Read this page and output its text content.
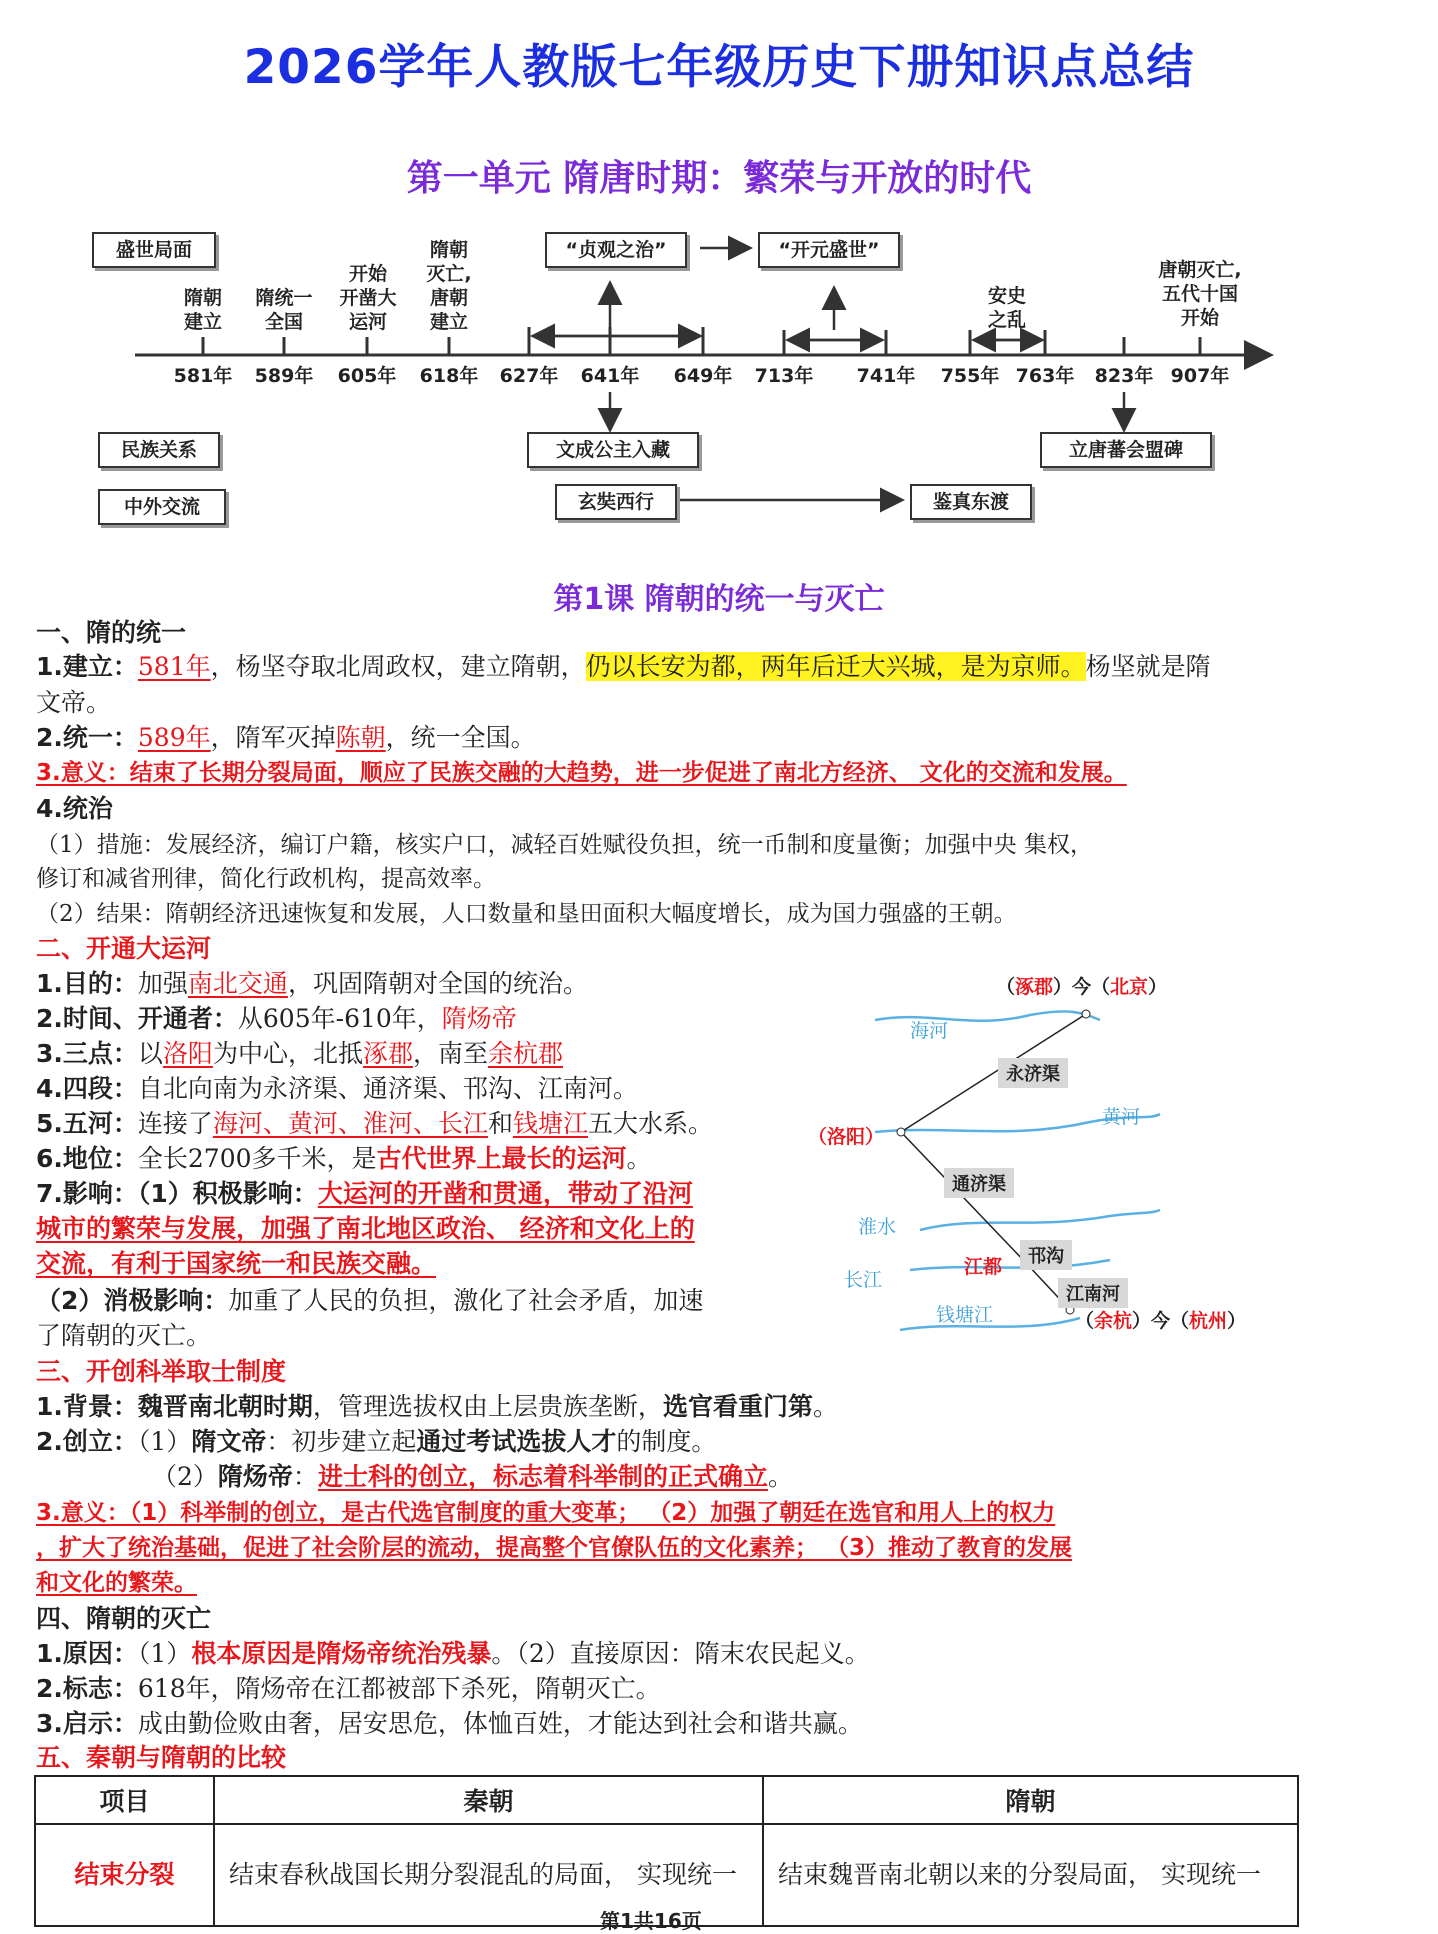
2026学年人教版七年级历史下册知识点总结
第一单元 隋唐时期：繁荣与开放的时代
盛世局面
民族关系
中外交流
“贞观之治”	“开元盛世”
隋朝
建立
隋统一
全国
开始
开凿大
运河
隋朝
灭亡,
唐朝
建立
安史
之乱
唐朝灭亡,
五代十国
开始
581年	589年	605年	618年	627年	641年	649年	713年	741年	755年 763年	823年 907年
文成公主入藏	立唐蕃会盟碑
玄奘西行	鉴真东渡
第1课 隋朝的统一与灭亡
一、隋的统一
1.建立：581年，杨坚夺取北周政权，建立隋朝，仍以长安为都，两年后迁大兴城，是为京师。杨坚就是隋
文帝。
2.统一：589年，隋军灭掉陈朝，统一全国。
3.意义：结束了长期分裂局面，顺应了民族交融的大趋势，进一步促进了南北方经济、 文化的交流和发展。
4.统治
（1）措施：发展经济，编订户籍，核实户口，减轻百姓赋役负担，统一币制和度量衡；加强中央 集权，
修订和减省刑律，简化行政机构，提高效率。
（2）结果：隋朝经济迅速恢复和发展，人口数量和垦田面积大幅度增长，成为国力强盛的王朝。
二、开通大运河
1.目的：加强南北交通，巩固隋朝对全国的统治。
2.时间、开通者：从605年-610年，隋炀帝
3.三点：以洛阳为中心，北抵涿郡，南至余杭郡
4.四段：自北向南为永济渠、通济渠、邗沟、江南河。
5.五河：连接了海河、黄河、淮河、长江和钱塘江五大水系。
6.地位：全长2700多千米，是古代世界上最长的运河。
7.影响：（1）积极影响：大运河的开凿和贯通，带动了沿河
城市的繁荣与发展，加强了南北地区政治、 经济和文化上的
交流，有利于国家统一和民族交融。
（2）消极影响：加重了人民的负担，激化了社会矛盾，加速
了隋朝的灭亡。
（涿郡）今（北京）
海河
永济渠
黄河
（洛阳）
通济渠
淮水
邗沟
江都
长江
江南河
钱塘江	（余杭）今（杭州）
三、开创科举取士制度
1.背景：魏晋南北朝时期，管理选拔权由上层贵族垄断，选官看重门第。
2.创立：（1）隋文帝：初步建立起通过考试选拔人才的制度。
（2）隋炀帝：进士科的创立，标志着科举制的正式确立。
3.意义：（1）科举制的创立，是古代选官制度的重大变革； （2）加强了朝廷在选官和用人上的权力
，扩大了统治基础，促进了社会阶层的流动，提高整个官僚队伍的文化素养； （3）推动了教育的发展
和文化的繁荣。
四、隋朝的灭亡
1.原因：（1）根本原因是隋炀帝统治残暴。（2）直接原因：隋末农民起义。
2.标志：618年，隋炀帝在江都被部下杀死，隋朝灭亡。
3.启示：成由勤俭败由奢，居安思危，体恤百姓，才能达到社会和谐共赢。
五、秦朝与隋朝的比较
项目	秦朝	隋朝
结束分裂	结束春秋战国长期分裂混乱的局面， 实现统一	结束魏晋南北朝以来的分裂局面， 实现统一
第1共16页
